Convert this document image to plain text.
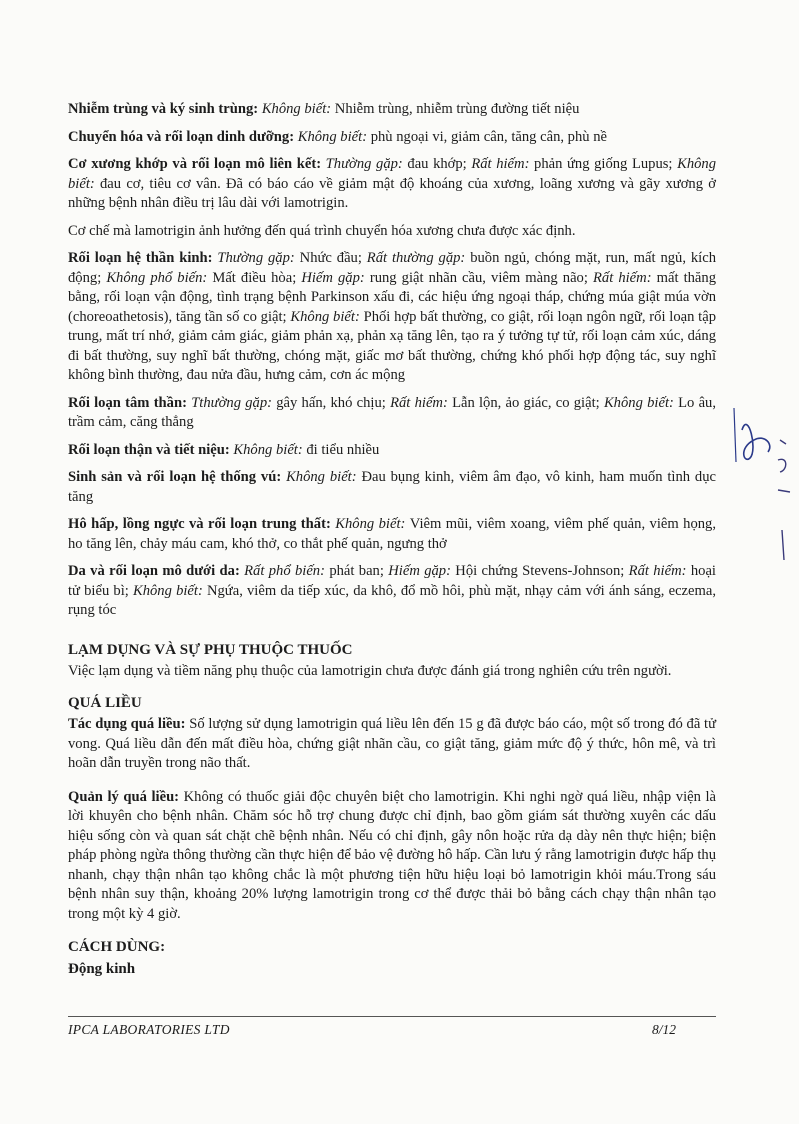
Nhiễm trùng và ký sinh trùng: Không biết: Nhiễm trùng, nhiễm trùng đường tiết niệu

Chuyển hóa và rối loạn dinh dưỡng: Không biết: phù ngoại vi, giảm cân, tăng cân, phù nề

Cơ xương khớp và rối loạn mô liên kết: Thường gặp: đau khớp; Rất hiếm: phản ứng giống Lupus; Không biết: đau cơ, tiêu cơ vân. Đã có báo cáo về giảm mật độ khoáng của xương, loãng xương và gãy xương ở những bệnh nhân điều trị lâu dài với lamotrigin.

Cơ chế mà lamotrigin ảnh hưởng đến quá trình chuyển hóa xương chưa được xác định.

Rối loạn hệ thần kinh: Thường gặp: Nhức đầu; Rất thường gặp: buồn ngủ, chóng mặt, run, mất ngủ, kích động; Không phổ biến: Mất điều hòa; Hiếm gặp: rung giật nhãn cầu, viêm màng não; Rất hiếm: mất thăng bằng, rối loạn vận động, tình trạng bệnh Parkinson xấu đi, các hiệu ứng ngoại tháp, chứng múa giật múa vờn (choreoathetosis), tăng tần số co giật; Không biết: Phối hợp bất thường, co giật, rối loạn ngôn ngữ, rối loạn tập trung, mất trí nhớ, giảm cảm giác, giảm phản xạ, phản xạ tăng lên, tạo ra ý tưởng tự tử, rối loạn cảm xúc, dáng đi bất thường, suy nghĩ bất thường, chóng mặt, giấc mơ bất thường, chứng khó phối hợp động tác, suy nghĩ không bình thường, đau nửa đầu, hưng cảm, cơn ác mộng

Rối loạn tâm thần: Tthường gặp: gây hấn, khó chịu; Rất hiếm: Lẫn lộn, ảo giác, co giật; Không biết: Lo âu, trầm cảm, căng thẳng

Rối loạn thận và tiết niệu: Không biết: đi tiểu nhiều

Sinh sản và rối loạn hệ thống vú: Không biết: Đau bụng kinh, viêm âm đạo, vô kinh, ham muốn tình dục tăng

Hô hấp, lồng ngực và rối loạn trung thất: Không biết: Viêm mũi, viêm xoang, viêm phế quản, viêm họng, ho tăng lên, chảy máu cam, khó thở, co thắt phế quản, ngưng thở

Da và rối loạn mô dưới da: Rất phổ biến: phát ban; Hiếm gặp: Hội chứng Stevens-Johnson; Rất hiếm: hoại tử biểu bì; Không biết: Ngứa, viêm da tiếp xúc, da khô, đổ mồ hôi, phù mặt, nhạy cảm với ánh sáng, eczema, rụng tóc

LẠM DỤNG VÀ SỰ PHỤ THUỘC THUỐC

Việc lạm dụng và tiềm năng phụ thuộc của lamotrigin chưa được đánh giá trong nghiên cứu trên người.

QUÁ LIỀU

Tác dụng quá liều: Số lượng sử dụng lamotrigin quá liều lên đến 15 g đã được báo cáo, một số trong đó đã tử vong. Quá liều dẫn đến mất điều hòa, chứng giật nhãn cầu, co giật tăng, giảm mức độ ý thức, hôn mê, và trì hoãn dẫn truyền trong não thất.

Quản lý quá liều: Không có thuốc giải độc chuyên biệt cho lamotrigin. Khi nghi ngờ quá liều, nhập viện là lời khuyên cho bệnh nhân. Chăm sóc hỗ trợ chung được chỉ định, bao gồm giám sát thường xuyên các dấu hiệu sống còn và quan sát chặt chẽ bệnh nhân. Nếu có chỉ định, gây nôn hoặc rửa dạ dày nên thực hiện; biện pháp phòng ngừa thông thường cần thực hiện để bảo vệ đường hô hấp. Cần lưu ý rằng lamotrigin được hấp thụ nhanh, chạy thận nhân tạo không chắc là một phương tiện hữu hiệu loại bỏ lamotrigin khỏi máu.Trong sáu bệnh nhân suy thận, khoảng 20% lượng lamotrigin trong cơ thể được thải bỏ bằng cách chạy thận nhân tạo trong một kỳ 4 giờ.

CÁCH DÙNG:
Động kinh
IPCA LABORATORIES LTD	8/12
